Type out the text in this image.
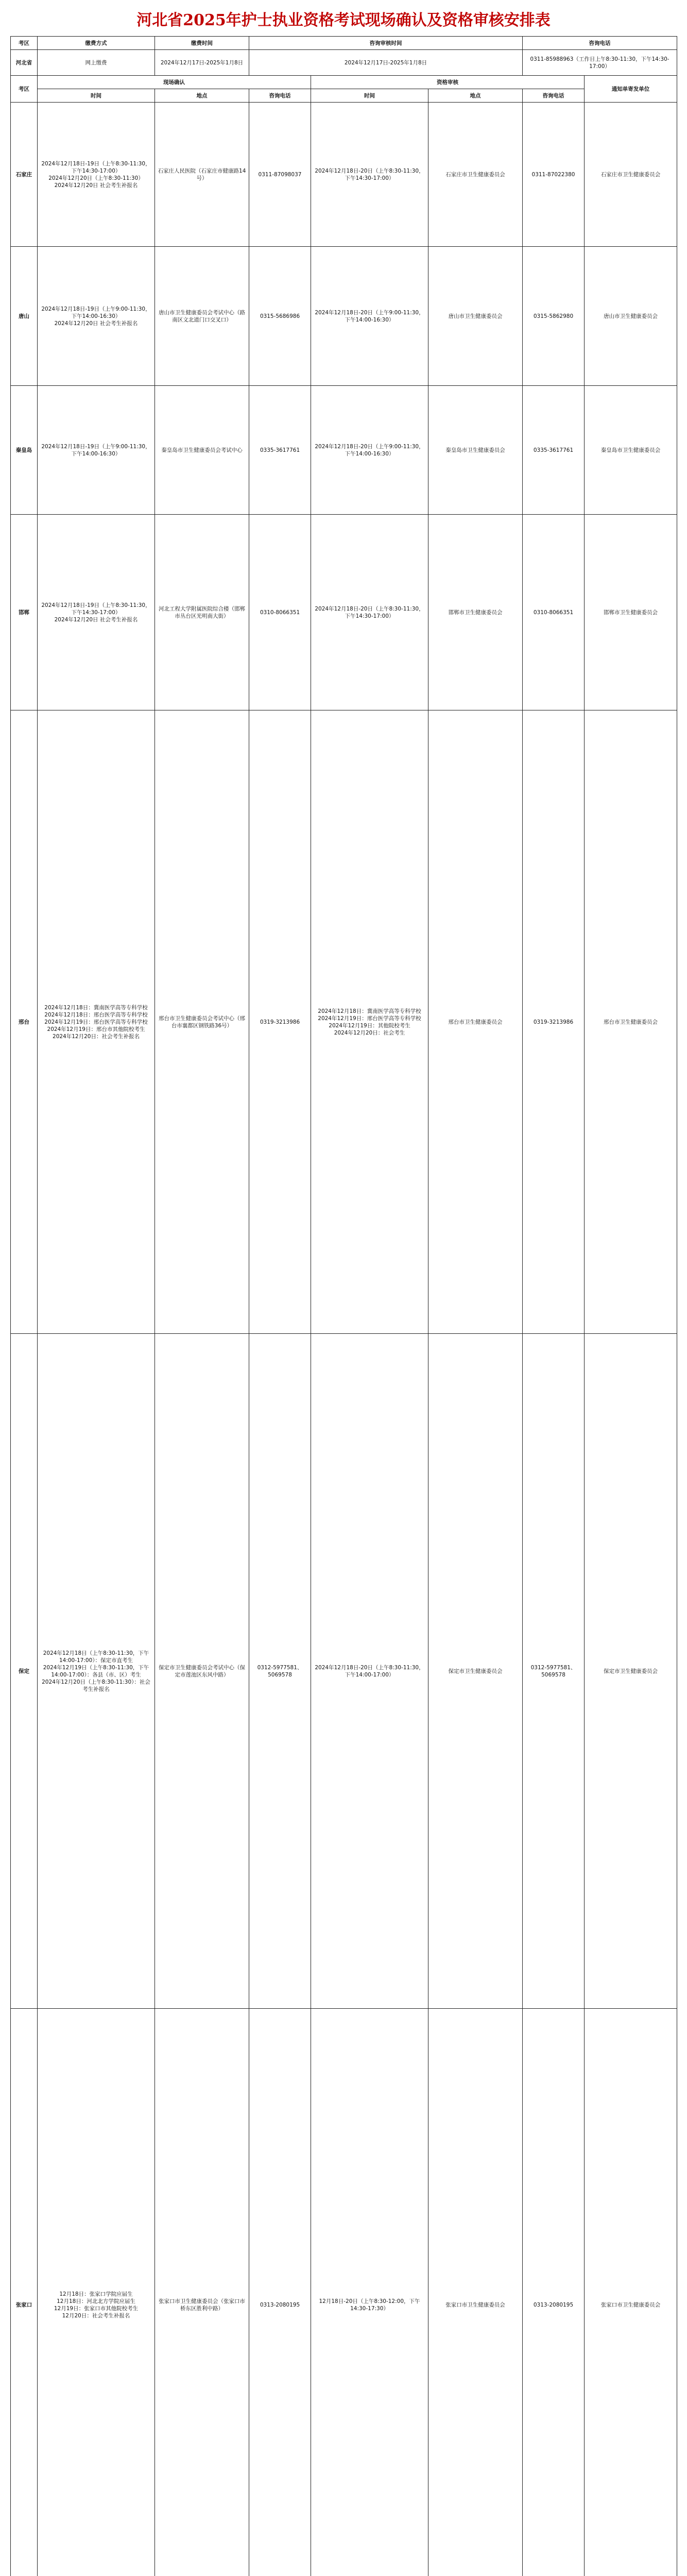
河北省2025年护士执业资格考试现场确认及资格审核安排表
考区	缴费方式	缴费时间	咨询审核时间			咨询电话	
河北省	网上缴费	2024年12月17日-2025年1月8日	2024年12月17日-2025年1月8日			0311-85988963（工作日上午8:30-11:30，下午14:30-17:00）	
考区	现场确认			资格审核			通知单寄发单位
	时间	地点	咨询电话	时间	地点	咨询电话	
石家庄	2024年12月18日-19日（上午8:30-11:30，下午14:30-17:00）
2024年12月20日（上午8:30-11:30）
2024年12月20日 社会考生补报名	石家庄人民医院（石家庄市健康路14号）	0311-87098037	2024年12月18日-20日（上午8:30-11:30，下午14:30-17:00）	石家庄市卫生健康委员会	0311-87022380	石家庄市卫生健康委员会
唐山	2024年12月18日-19日（上午9:00-11:30，下午14:00-16:30）
2024年12月20日 社会考生补报名	唐山市卫生健康委员会考试中心（路南区文北道门口交叉口）	0315-5686986	2024年12月18日-20日（上午9:00-11:30，下午14:00-16:30）	唐山市卫生健康委员会	0315-5862980	唐山市卫生健康委员会
秦皇岛	2024年12月18日-19日（上午9:00-11:30，下午14:00-16:30）	秦皇岛市卫生健康委员会考试中心	0335-3617761	2024年12月18日-20日（上午9:00-11:30，下午14:00-16:30）	秦皇岛市卫生健康委员会	0335-3617761	秦皇岛市卫生健康委员会
邯郸	2024年12月18日-19日（上午8:30-11:30，下午14:30-17:00）
2024年12月20日 社会考生补报名	河北工程大学附属医院综合楼（邯郸市丛台区光明南大街）	0310-8066351	2024年12月18日-20日（上午8:30-11:30，下午14:30-17:00）	邯郸市卫生健康委员会	0310-8066351	邯郸市卫生健康委员会
邢台	2024年12月18日：冀南医学高等专科学校
2024年12月18日：邢台医学高等专科学校
2024年12月19日：邢台医学高等专科学校
2024年12月19日：邢台市其他院校考生
2024年12月20日：社会考生补报名	邢台市卫生健康委员会考试中心（邢台市襄都区钢铁路36号）	0319-3213986	2024年12月18日：冀南医学高等专科学校
2024年12月19日：邢台医学高等专科学校
2024年12月19日：其他院校考生
2024年12月20日：社会考生	邢台市卫生健康委员会	0319-3213986	邢台市卫生健康委员会
保定	2024年12月18日（上午8:30-11:30，下午14:00-17:00）：保定市直考生
2024年12月19日（上午8:30-11:30，下午14:00-17:00）：各县（市、区）考生
2024年12月20日（上午8:30-11:30）：社会考生补报名	保定市卫生健康委员会考试中心（保定市莲池区东风中路）	0312-5977581、5069578	2024年12月18日-20日（上午8:30-11:30，下午14:00-17:00）	保定市卫生健康委员会	0312-5977581、5069578	保定市卫生健康委员会
张家口	12月18日：张家口学院应届生
12月18日：河北北方学院应届生
12月19日：张家口市其他院校考生
12月20日：社会考生补报名	张家口市卫生健康委员会（张家口市桥东区胜利中路）	0313-2080195	12月18日-20日（上午8:30-12:00，下午14:30-17:30）	张家口市卫生健康委员会	0313-2080195	张家口市卫生健康委员会
